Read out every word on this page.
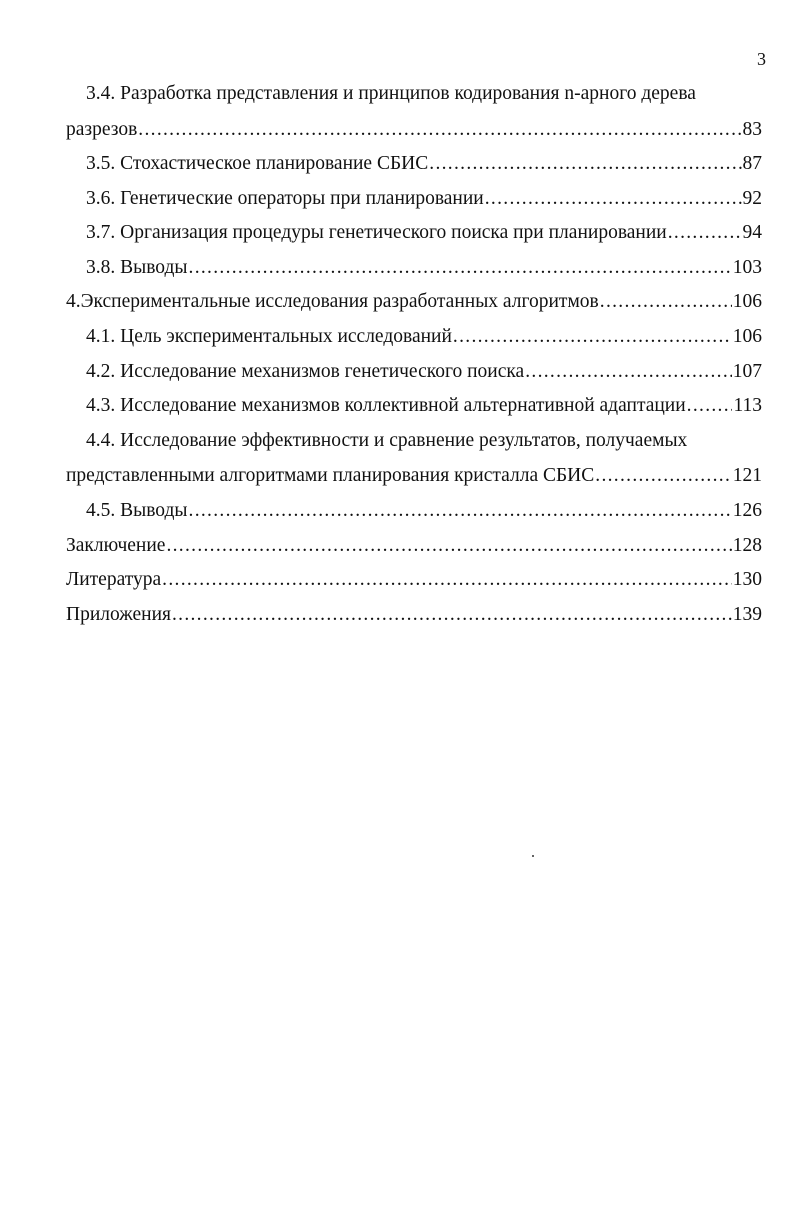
3
3.4. Разработка представления и принципов кодирования n-арного дерева
разрезов .....	83
3.5. Стохастическое планирование СБИС .....	87
3.6. Генетические операторы при планировании .....	92
3.7. Организация процедуры генетического поиска при планировании .....	94
3.8. Выводы .....	103
4.Экспериментальные исследования разработанных алгоритмов .....	106
4.1. Цель экспериментальных исследований .....	106
4.2. Исследование механизмов генетического поиска .....	107
4.3. Исследование механизмов коллективной альтернативной адаптации ..... 113
4.4. Исследование эффективности и сравнение результатов, получаемых
представленными алгоритмами планирования кристалла СБИС .....	121
4.5. Выводы .....	126
Заключение .....	128
Литература .....	130
Приложения .....	139
